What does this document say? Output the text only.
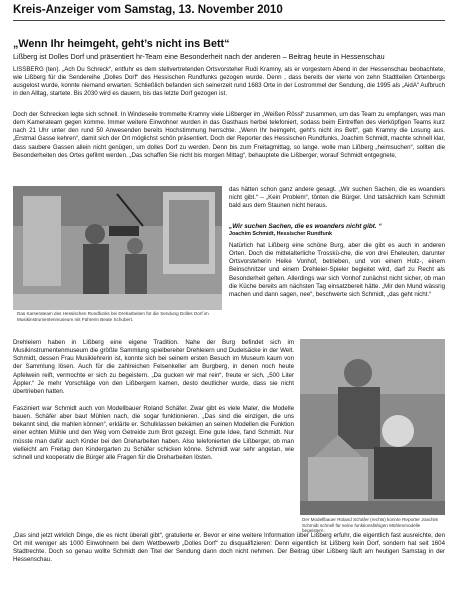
Kreis-Anzeiger vom Samstag, 13. November 2010
„Wenn Ihr heimgeht, geht’s nicht ins Bett“
Lißberg ist Dolles Dorf und präsentiert hr-Team eine Besonderheit nach der anderen – Beitrag heute in Hessenschau
LISSBERG (ten). „Ach Du Schreck“, entfuhr es dem stellvertretenden Ortsvorsteher Rudi Kramny, als er vorgestern Abend in der Hessenschau beobachtete, wie Lißberg für die Sendereihe „Dolles Dorf“ des Hessischen Rundfunks gezogen wurde. Denn , dass bereits der vierte von zehn Stadtteilen Ortenbergs ausgelost wurde, konnte niemand erwarten. Schließlich befanden sich seinerzeit rund 1683 Orte in der Lostrommel der Sendung, die 1995 als „AidA“ Aufbruch in den Alltag, startete. Bis 2030 wird es dauern, bis das letzte Dorf gezogen ist.
Doch der Schrecken legte sich schnell. In Windeseile trommelte Kramny viele Lißberger im „Weißen Rössl“ zusammen, um das Team zu empfangen, was man dem Kamerateam gegen komme. Immer weitere Einwohner wurden in das Gasthaus herbei telefoniert, sodass beim Eintreffen des vierköpfigen Teams kurz nach 21 Uhr unter den rund 50 Anwesenden bereits Hochstimmung herrschte. „Wenn Ihr heimgeht, geht's nicht ins Bett“, gab Kramny die Losung aus. „Erstmal Gasse kehren“, damit sich der Ort möglichst schön präsentiert. Doch der Reporter des Hessischen Rundfunks, Joachim Schmidt, machte schnell klar, dass saubere Gassen allein nicht genügen, um dolles Dorf zu werden. Denn bis zum Freitagmittag, so lange. wolle man Lißberg „heimsuchen“, sollten die Besonderheiten des Ortes gefilmt werden. „Das schaffen Sie nicht bis morgen Mittag“, behauptete die Lißberger, worauf Schmidt entgegnete,
Das Kamerateam des Hessischen Rundfunks bei Dreharbeiten für die Sendung Dolles Dorf im Musikinstrumentenmuseum mit Führerin Beate Schubert.
das hätten schon ganz andere gesagt. „Wir suchen Sachen, die es woanders nicht gibt.“ – „Kein Problem“, tönten die Bürger. Und tatsächlich kam Schmidt bald aus dem Staunen nicht heraus.
„Wir suchen Sachen, die es woanders nicht gibt. “
Joachim Schmidt, Hessischer Rundfunk
Natürlich hat Lißberg eine schöne Burg, aber die gibt es auch in anderen Orten. Doch die mittelalterliche Trosskü-che, die von drei Eheleuten, darunter Ortsvorsteherin Heike Vonhof, betrieben, und von einem Holz-, einem Beinschnitzer und einem Drehleier-Spieler begleitet wird, darf zu Recht als Besonderheit gelten. Allerdings war sich Vonhof zunächst nicht sicher, ob man die Küche bereits am nächsten Tag einsatzbereit hätte. „Mir den Mund wässrig machen und dann sagen, nee“, beschwerte sich Schmidt, „das geht nicht.“
Drehleiern haben in Lißberg eine eigene Tradition. Nahe der Burg befindet sich im Musikinstrumentenmuseum die größte Sammlung spielbereiter Drehleiern und Dudelsäcke in der Welt. Schmidt, dessen Frau Musiklehrerin ist, konnte sich bei seinem ersten Besuch im Museum kaum von der Sammlung lösen. Auch für die zahlreichen Felsenkeller am Burgberg, in denen noch heute Apfelwein reift, vermochte er sich zu begeistern. „Da gucken wir mal rein“, freute er sich, „500 Liter Äppler.“ Je mehr Vorschläge von den Lißbergern kamen, desto deutlicher wurde, dass sie nicht übertrieben hatten.
Fasziniert war Schmidt auch von Modellbauer Roland Schäfer. Zwar gibt es viele Maler, die Modelle bauen. Schäfer aber baut Mühlen nach, die sogar funktionieren. „Das sind die einzigen, die uns bekannt sind, die mahlen können“, erklärte er. Schulklassen bekämen an seinen Modellen die Funktion einer echten Mühle und den Weg vom Getreide zum Brot gezeigt. Eine gute Idee, fand Schmidt. Nur müsste man dafür auch Kinder bei den Dreharbeiten haben. Also telefonierten die Lißberger, ob man vielleicht am Freitag den Kindergarten zu Schäfer schicken könne. Schmidt war sehr angetan, wie schnell und kooperativ die Bürger alle Fragen für die Dreharbeiten lösten.
Der Modellbauer Roland Schäfer (rechts) konnte Reporter Joachim Schmidt schnell für seine funktionsfähigen Mühlenmodelle begeistern.
„Das sind jetzt wirklich Dinge, die es nicht überall gibt“, gratulierte er. Bevor er eine weitere Information über Lißberg erfuhr, die eigentlich fast ausreichte, den Ort mit weniger als 1000 Einwohnern bei dem Wettbewerb „Dolles Dorf“ zu disqualifizieren: Denn eigentlich ist Lißberg kein Dorf, sondern hat seit 1604 Stadtrechte. Doch so genau wollte Schmidt den Titel der Sendung dann doch nicht nehmen. Der Beitrag über Lißberg läuft am heutigen Samstag in der Hessenschau.
